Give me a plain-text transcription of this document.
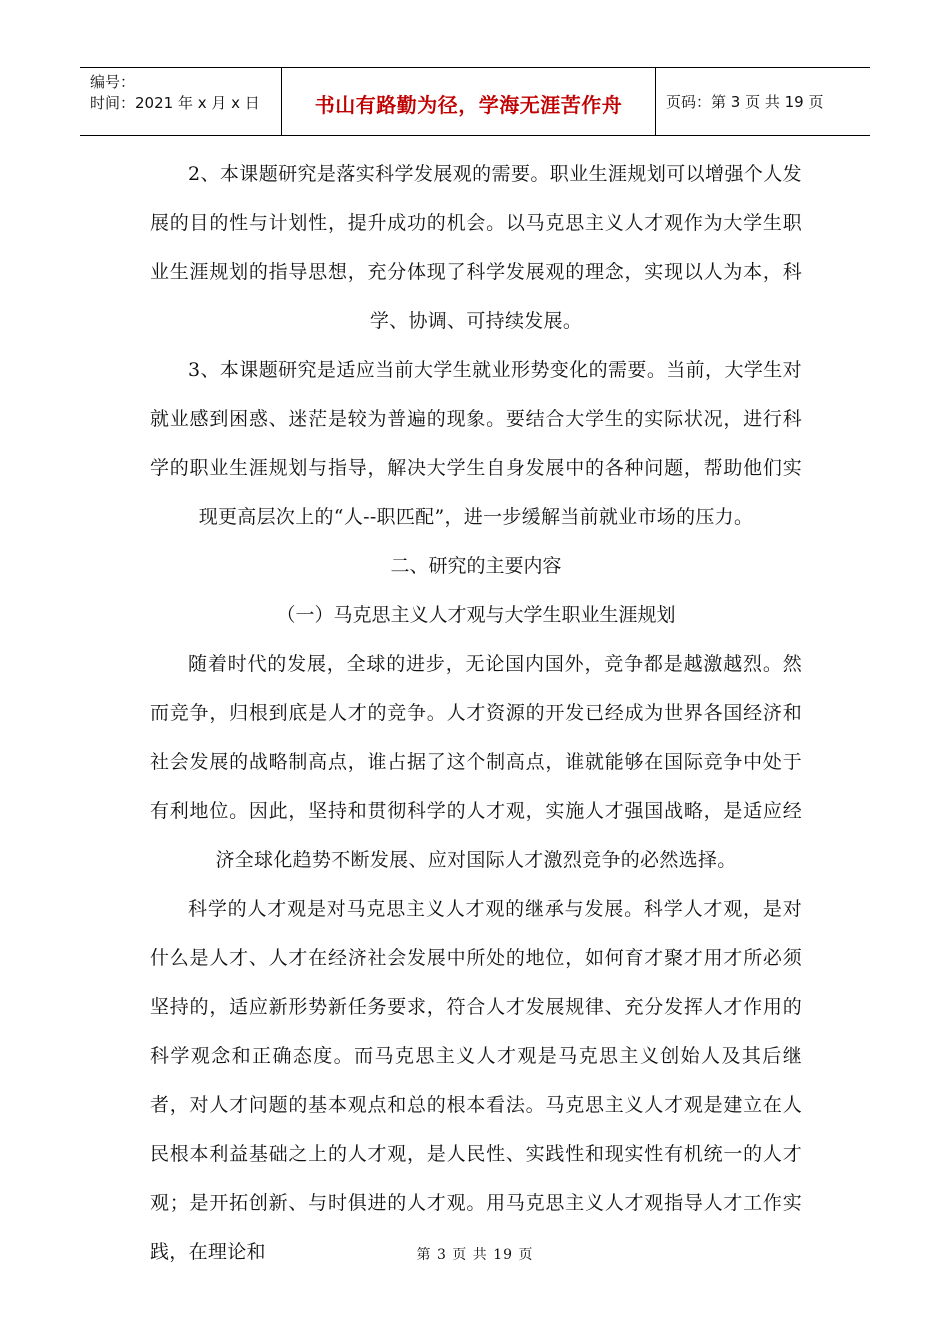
编号：
时间：2021 年 x 月 x 日	书山有路勤为径，学海无涯苦作舟	页码：第 3 页 共 19 页

2、本课题研究是落实科学发展观的需要。职业生涯规划可以增强个人发展的目的性与计划性，提升成功的机会。以马克思主义人才观作为大学生职业生涯规划的指导思想，充分体现了科学发展观的理念，实现以人为本，科学、协调、可持续发展。

3、本课题研究是适应当前大学生就业形势变化的需要。当前，大学生对就业感到困惑、迷茫是较为普遍的现象。要结合大学生的实际状况，进行科学的职业生涯规划与指导，解决大学生自身发展中的各种问题，帮助他们实现更高层次上的“人--职匹配”，进一步缓解当前就业市场的压力。

二、研究的主要内容

（一）马克思主义人才观与大学生职业生涯规划

随着时代的发展，全球的进步，无论国内国外，竞争都是越激越烈。然而竞争，归根到底是人才的竞争。人才资源的开发已经成为世界各国经济和社会发展的战略制高点，谁占据了这个制高点，谁就能够在国际竞争中处于有利地位。因此，坚持和贯彻科学的人才观，实施人才强国战略，是适应经济全球化趋势不断发展、应对国际人才激烈竞争的必然选择。

科学的人才观是对马克思主义人才观的继承与发展。科学人才观，是对什么是人才、人才在经济社会发展中所处的地位，如何育才聚才用才所必须坚持的，适应新形势新任务要求，符合人才发展规律、充分发挥人才作用的科学观念和正确态度。而马克思主义人才观是马克思主义创始人及其后继者，对人才问题的基本观点和总的根本看法。马克思主义人才观是建立在人民根本利益基础之上的人才观，是人民性、实践性和现实性有机统一的人才观；是开拓创新、与时俱进的人才观。用马克思主义人才观指导人才工作实践，在理论和	第 3 页 共 19 页
